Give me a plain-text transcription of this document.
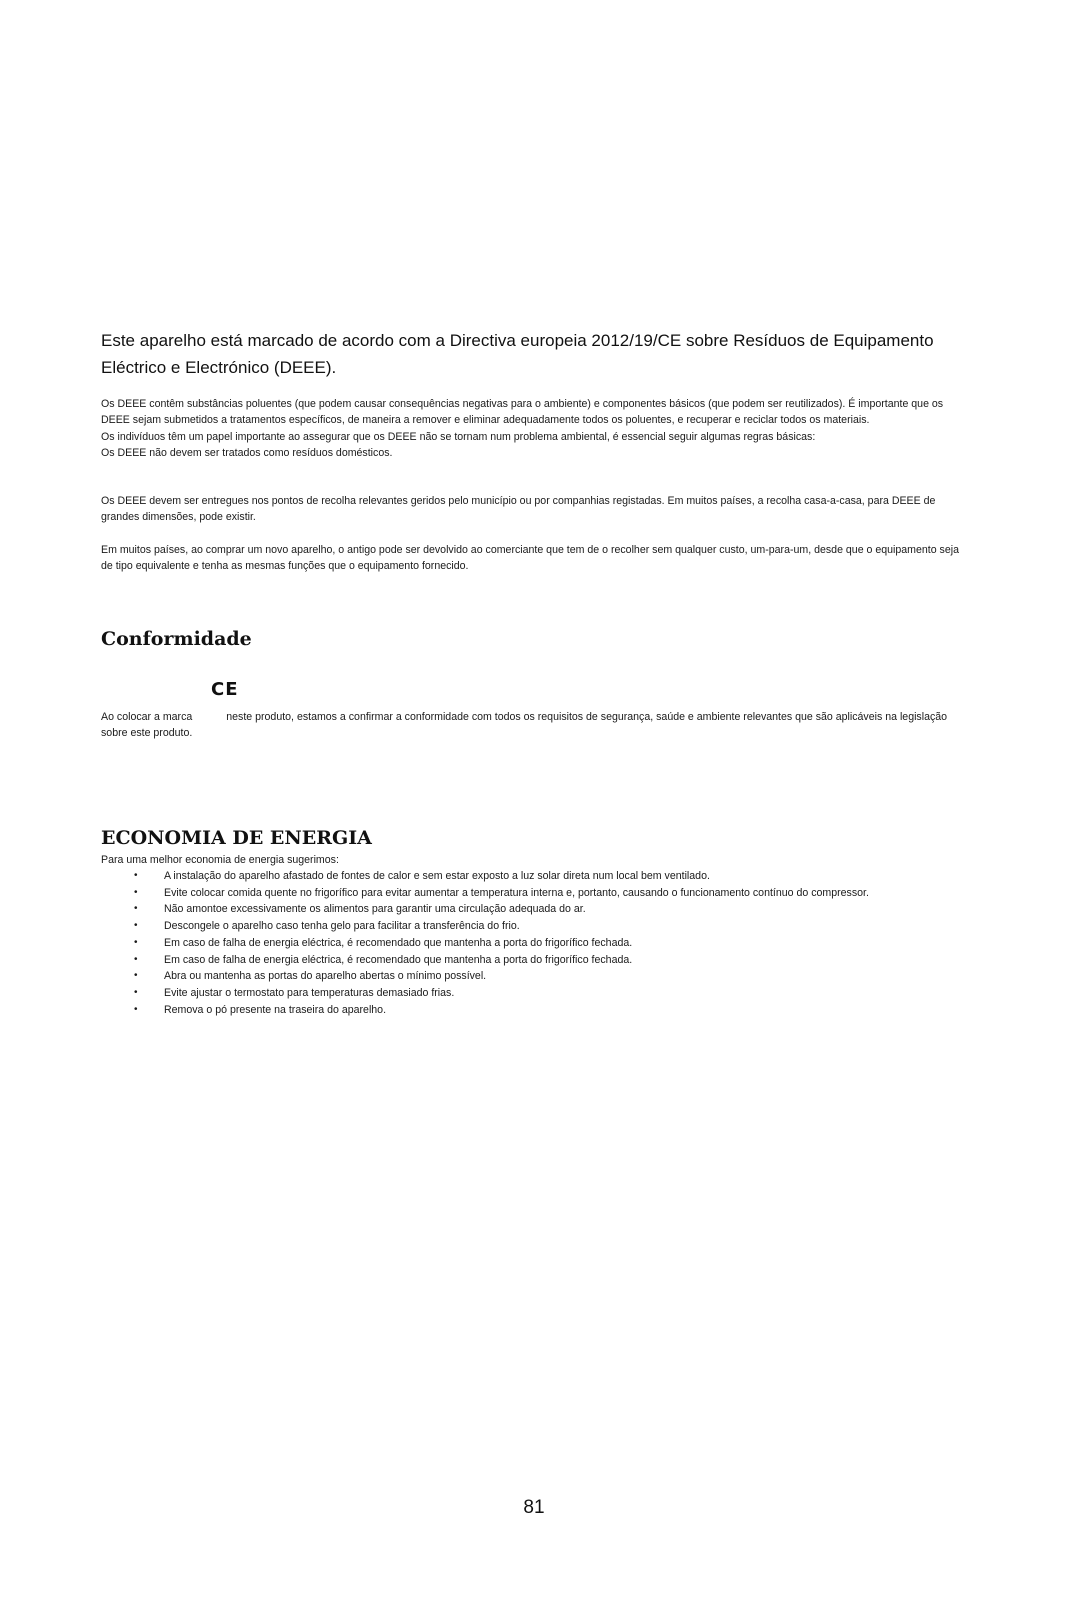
Este aparelho está marcado de acordo com a Directiva europeia 2012/19/CE sobre Resíduos de Equipamento Eléctrico e Electrónico (DEEE).

Os DEEE contêm substâncias poluentes (que podem causar consequências negativas para o ambiente) e componentes básicos (que podem ser reutilizados). É importante que os DEEE sejam submetidos a tratamentos específicos, de maneira a remover e eliminar adequadamente todos os poluentes, e recuperar e reciclar todos os materiais.

Os indivíduos têm um papel importante ao assegurar que os DEEE não se tornam num problema ambiental, é essencial seguir algumas regras básicas:

Os DEEE não devem ser tratados como resíduos domésticos.

Os DEEE devem ser entregues nos pontos de recolha relevantes geridos pelo município ou por companhias registadas. Em muitos países, a recolha casa-a-casa, para DEEE de grandes dimensões, pode existir.

Em muitos países, ao comprar um novo aparelho, o antigo pode ser devolvido ao comerciante que tem de o recolher sem qualquer custo, um-para-um, desde que o equipamento seja de tipo equivalente e tenha as mesmas funções que o equipamento fornecido.

Conformidade
CE

Ao colocar a marca	neste produto, estamos a confirmar a conformidade com todos os requisitos de segurança, saúde e ambiente relevantes que são aplicáveis na legislação sobre este produto.

ECONOMIA DE ENERGIA

Para uma melhor economia de energia sugerimos:

• A instalação do aparelho afastado de fontes de calor e sem estar exposto a luz solar direta num local bem ventilado.
• Evite colocar comida quente no frigorífico para evitar aumentar a temperatura interna e, portanto, causando o funcionamento contínuo do compressor.
• Não amontoe excessivamente os alimentos para garantir uma circulação adequada do ar.
• Descongele o aparelho caso tenha gelo para facilitar a transferência do frio.
• Em caso de falha de energia eléctrica, é recomendado que mantenha a porta do frigorífico fechada.
• Em caso de falha de energia eléctrica, é recomendado que mantenha a porta do frigorífico fechada.
• Abra ou mantenha as portas do aparelho abertas o mínimo possível.
• Evite ajustar o termostato para temperaturas demasiado frias.
• Remova o pó presente na traseira do aparelho.
81
